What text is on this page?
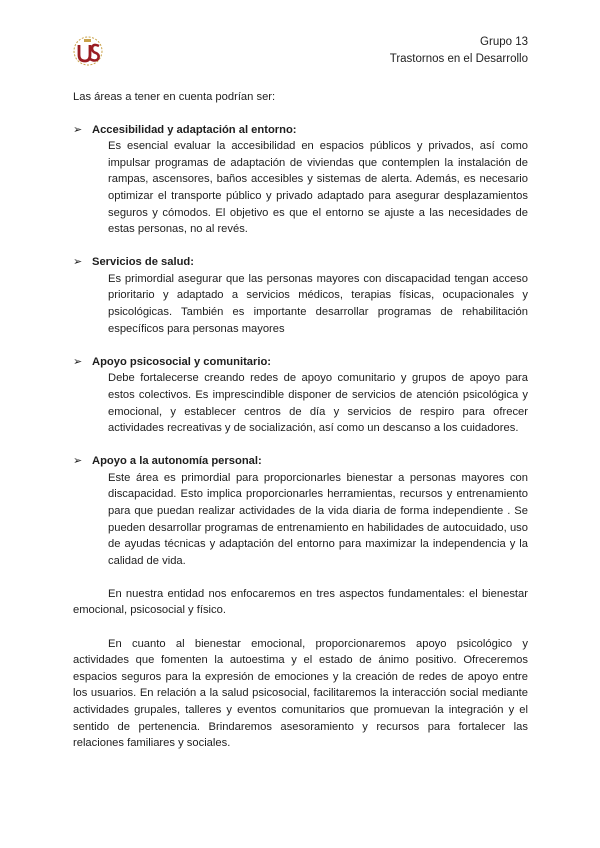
Grupo 13
Trastornos en el Desarrollo

Las áreas a tener en cuenta podrían ser:

➢ Accesibilidad y adaptación al entorno:
Es esencial evaluar la accesibilidad en espacios públicos y privados, así como impulsar programas de adaptación de viviendas que contemplen la instalación de rampas, ascensores, baños accesibles y sistemas de alerta. Además, es necesario optimizar el transporte público y privado adaptado para asegurar desplazamientos seguros y cómodos. El objetivo es que el entorno se ajuste a las necesidades de estas personas, no al revés.
➢ Servicios de salud:
Es primordial asegurar que las personas mayores con discapacidad tengan acceso prioritario y adaptado a servicios médicos, terapias físicas, ocupacionales y psicológicas. También es importante desarrollar programas de rehabilitación específicos para personas mayores
➢ Apoyo psicosocial y comunitario:
Debe fortalecerse creando redes de apoyo comunitario y grupos de apoyo para estos colectivos. Es imprescindible disponer de servicios de atención psicológica y emocional, y establecer centros de día y servicios de respiro para ofrecer actividades recreativas y de socialización, así como un descanso a los cuidadores.
➢ Apoyo a la autonomía personal:
Este área es primordial para proporcionarles bienestar a personas mayores con discapacidad. Esto implica proporcionarles herramientas, recursos y entrenamiento para que puedan realizar actividades de la vida diaria de forma independiente . Se pueden desarrollar programas de entrenamiento en habilidades de autocuidado, uso de ayudas técnicas y adaptación del entorno para maximizar la independencia y la calidad de vida.

En nuestra entidad nos enfocaremos en tres aspectos fundamentales: el bienestar emocional, psicosocial y físico.

En cuanto al bienestar emocional, proporcionaremos apoyo psicológico y actividades que fomenten la autoestima y el estado de ánimo positivo. Ofreceremos espacios seguros para la expresión de emociones y la creación de redes de apoyo entre los usuarios. En relación a la salud psicosocial, facilitaremos la interacción social mediante actividades grupales, talleres y eventos comunitarios que promuevan la integración y el sentido de pertenencia. Brindaremos asesoramiento y recursos para fortalecer las relaciones familiares y sociales.
